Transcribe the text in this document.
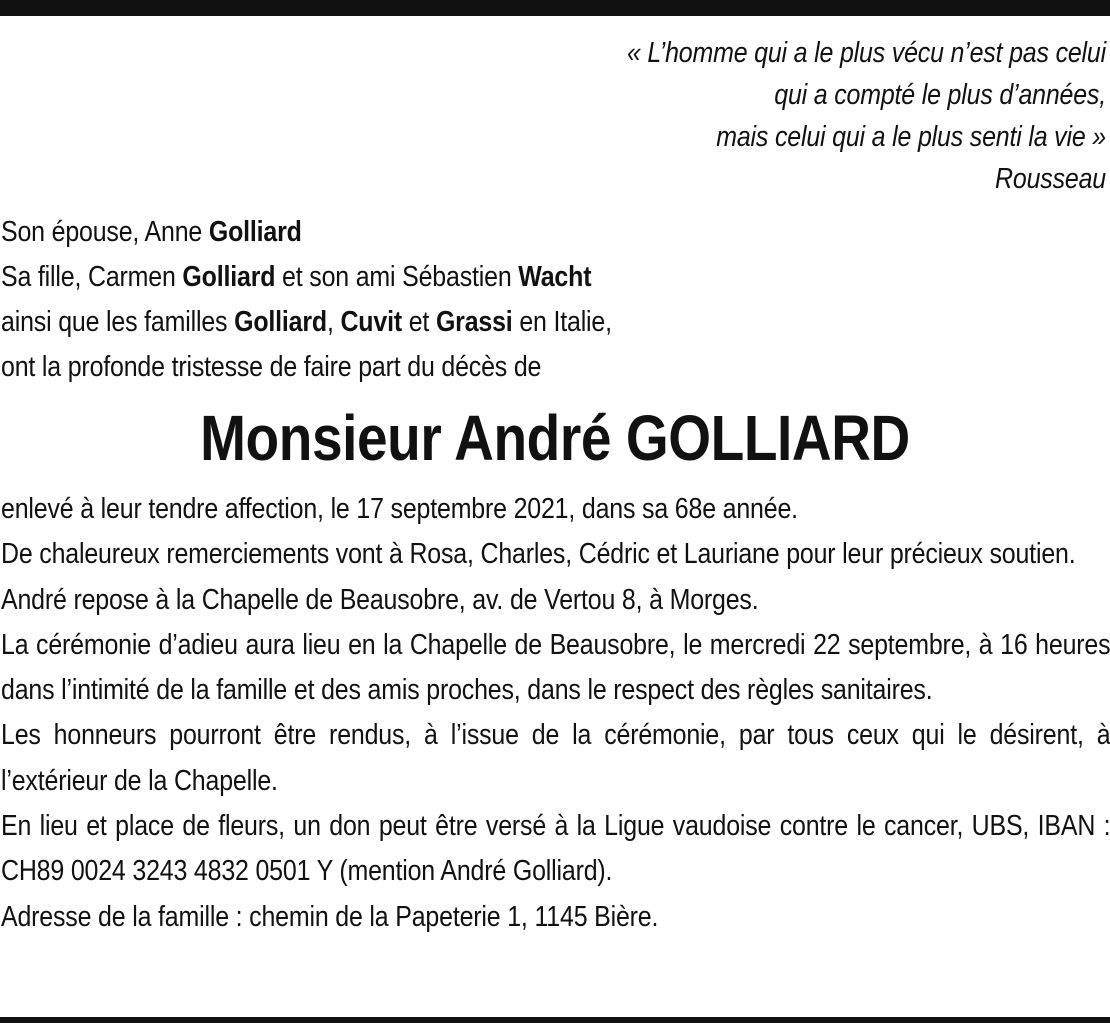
« L’homme qui a le plus vécu n’est pas celui
qui a compté le plus d’années,
mais celui qui a le plus senti la vie »
Rousseau
Son épouse, Anne Golliard
Sa fille, Carmen Golliard et son ami Sébastien Wacht
ainsi que les familles Golliard, Cuvit et Grassi en Italie,
ont la profonde tristesse de faire part du décès de
Monsieur André GOLLIARD

enlevé à leur tendre affection, le 17 septembre 2021, dans sa 68e année.

De chaleureux remerciements vont à Rosa, Charles, Cédric et Lauriane pour leur précieux soutien.

André repose à la Chapelle de Beausobre, av. de Vertou 8, à Morges.

La cérémonie d’adieu aura lieu en la Chapelle de Beausobre, le mercredi 22 septembre, à 16 heures dans l’intimité de la famille et des amis proches, dans le respect des règles sanitaires.

Les honneurs pourront être rendus, à l’issue de la cérémonie, par tous ceux qui le désirent, à l’extérieur de la Chapelle.

En lieu et place de fleurs, un don peut être versé à la Ligue vaudoise contre le cancer, UBS, IBAN : CH89 0024 3243 4832 0501 Y (mention André Golliard).

Adresse de la famille : chemin de la Papeterie 1, 1145 Bière.
